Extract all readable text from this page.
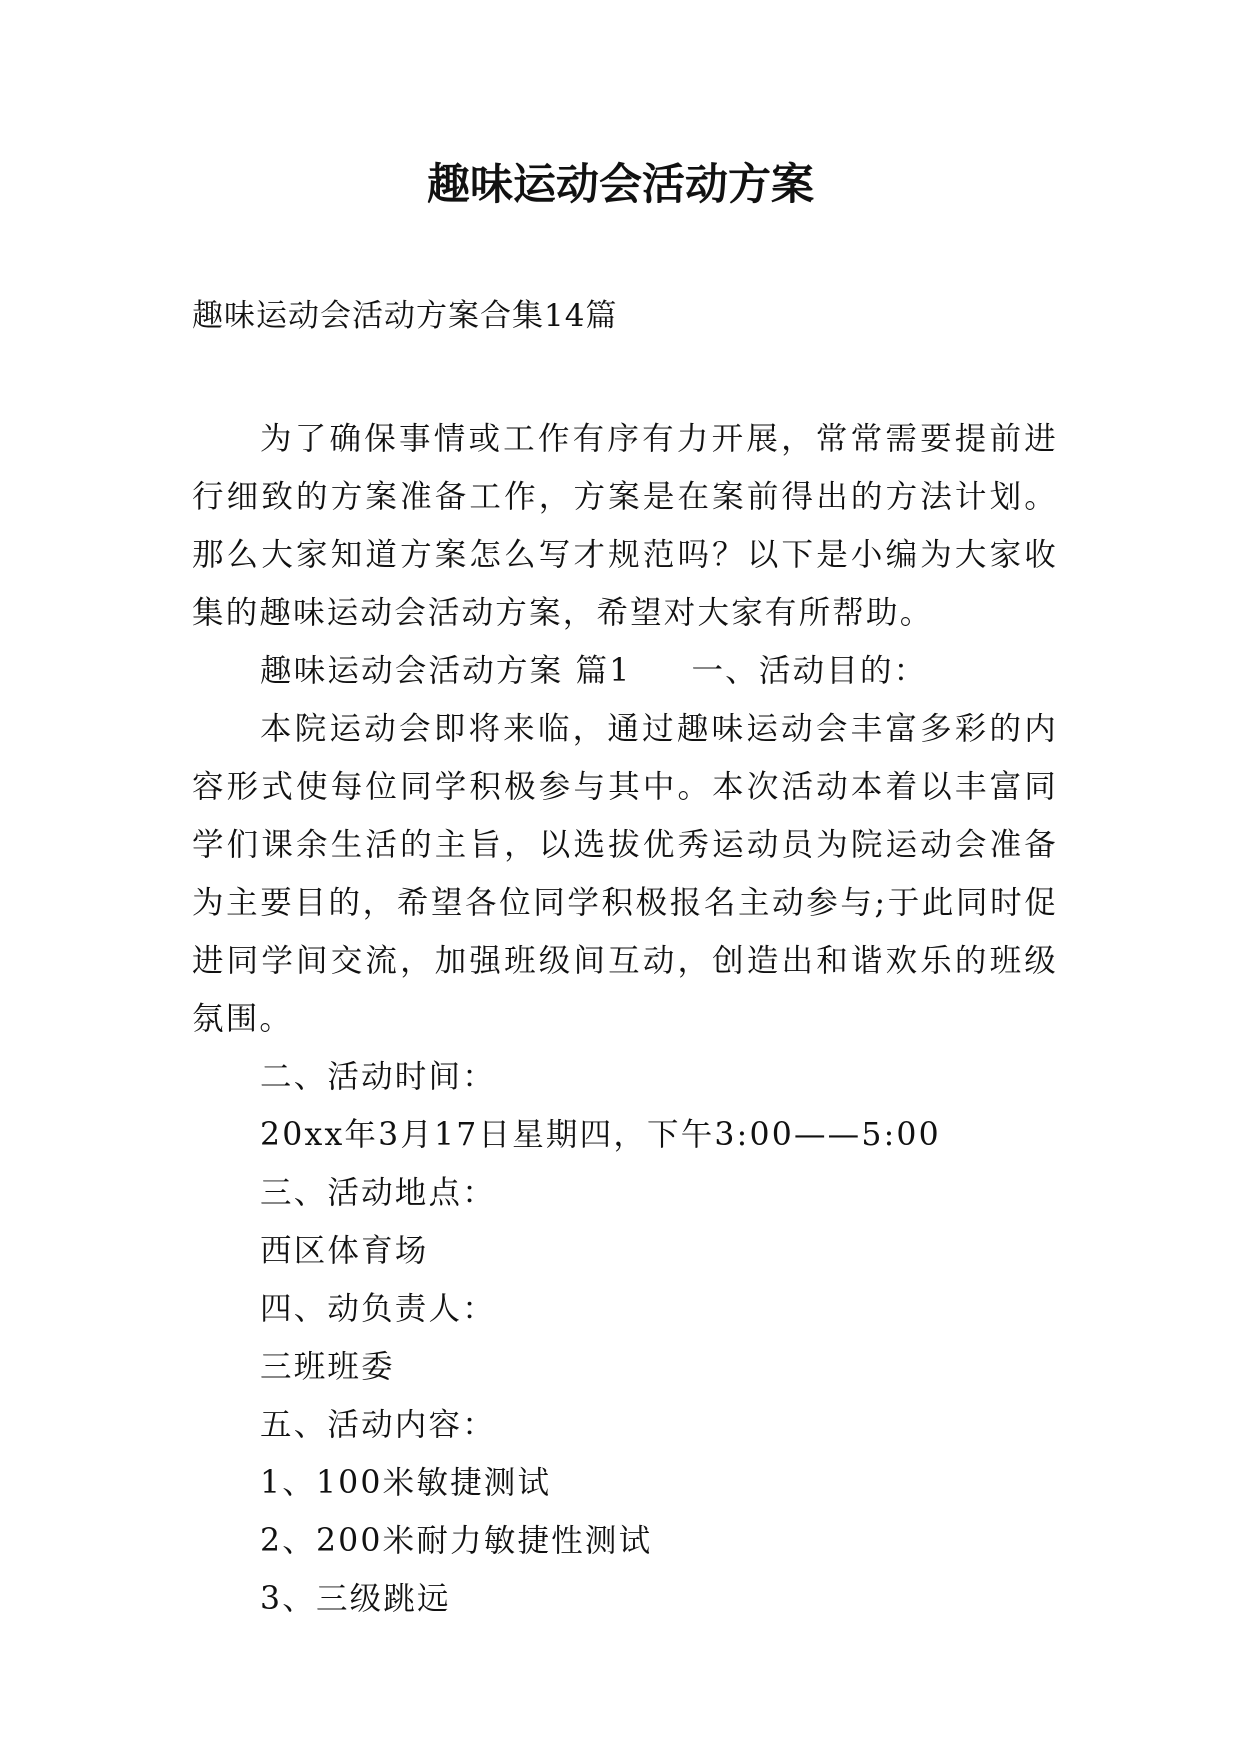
趣味运动会活动方案

趣味运动会活动方案合集14篇

为了确保事情或工作有序有力开展，常常需要提前进行细致的方案准备工作，方案是在案前得出的方法计划。那么大家知道方案怎么写才规范吗？以下是小编为大家收集的趣味运动会活动方案，希望对大家有所帮助。

趣味运动会活动方案 篇1 一、活动目的：

本院运动会即将来临，通过趣味运动会丰富多彩的内容形式使每位同学积极参与其中。本次活动本着以丰富同学们课余生活的主旨，以选拔优秀运动员为院运动会准备为主要目的，希望各位同学积极报名主动参与;于此同时促进同学间交流，加强班级间互动，创造出和谐欢乐的班级氛围。

二、活动时间：

20xx年3月17日星期四，下午3:00——5:00

三、活动地点：

西区体育场

四、动负责人：

三班班委

五、活动内容：

1、100米敏捷测试

2、200米耐力敏捷性测试

3、三级跳远
